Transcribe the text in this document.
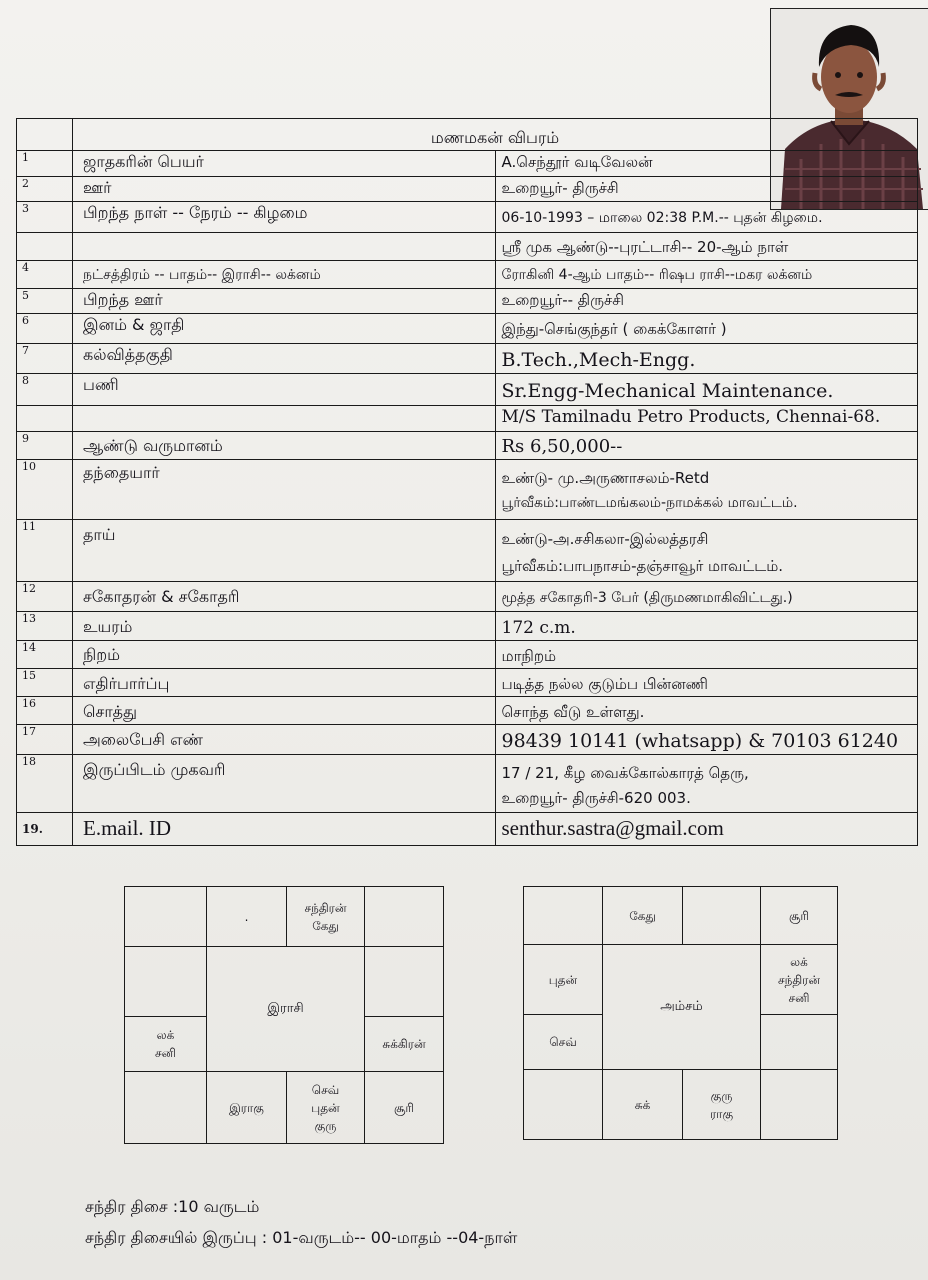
	மணமகன் விபரம்	
1	ஜாதகரின் பெயர்	A.செந்தூர் வடிவேலன்
2	ஊர்	உறையூர்- திருச்சி
3	பிறந்த நாள் -- நேரம் -- கிழமை	06-10-1993 – மாலை 02:38 P.M.-- புதன் கிழமை.
		ஸ்ரீ முக ஆண்டு--புரட்டாசி-- 20-ஆம் நாள்
4	நட்சத்திரம் -- பாதம்-- இராசி-- லக்னம்	ரோகினி 4-ஆம் பாதம்-- ரிஷப ராசி--மகர லக்னம்
5	பிறந்த ஊர்	உறையூர்-- திருச்சி
6	இனம் & ஜாதி	இந்து-செங்குந்தர் ( கைக்கோளர் )
7	கல்வித்தகுதி	B.Tech.,Mech-Engg.
8	பணி	Sr.Engg-Mechanical Maintenance.
		M/S Tamilnadu Petro Products, Chennai-68.
9	ஆண்டு வருமானம்	Rs 6,50,000--
10	தந்தையார்	உண்டு- மு.அருணாசலம்-Retd
பூர்வீகம்:பாண்டமங்கலம்-நாமக்கல் மாவட்டம்.

11	தாய்	உண்டு-அ.சசிகலா-இல்லத்தரசி
பூர்வீகம்:பாபநாசம்-தஞ்சாவூர் மாவட்டம்.

12	சகோதரன் & சகோதரி	மூத்த சகோதரி-3 பேர் (திருமணமாகிவிட்டது.)
13	உயரம்	172 c.m.
14	நிறம்	மாநிறம்
15	எதிர்பார்ப்பு	படித்த நல்ல குடும்ப பின்னணி
16	சொத்து	சொந்த வீடு உள்ளது.
17	அலைபேசி எண்	98439 10141 (whatsapp) & 70103 61240
18	இருப்பிடம் முகவரி	17 / 21, கீழ வைக்கோல்காரத் தெரு,
உறையூர்- திருச்சி-620 003.

19.	E.mail. ID	senthur.sastra@gmail.com
.
சந்திரன்
கேது
லக்
சனி
சுக்கிரன்
இராகு
செவ்
புதன்
குரு
சூரி
இராசி
கேது	சூரி
புதன்
லக்
சந்திரன்
சனி
செவ்
சுக்
குரு
ராகு
அம்சம்
சந்திர திசை :10 வருடம்
சந்திர திசையில் இருப்பு : 01-வருடம்-- 00-மாதம் --04-நாள்
